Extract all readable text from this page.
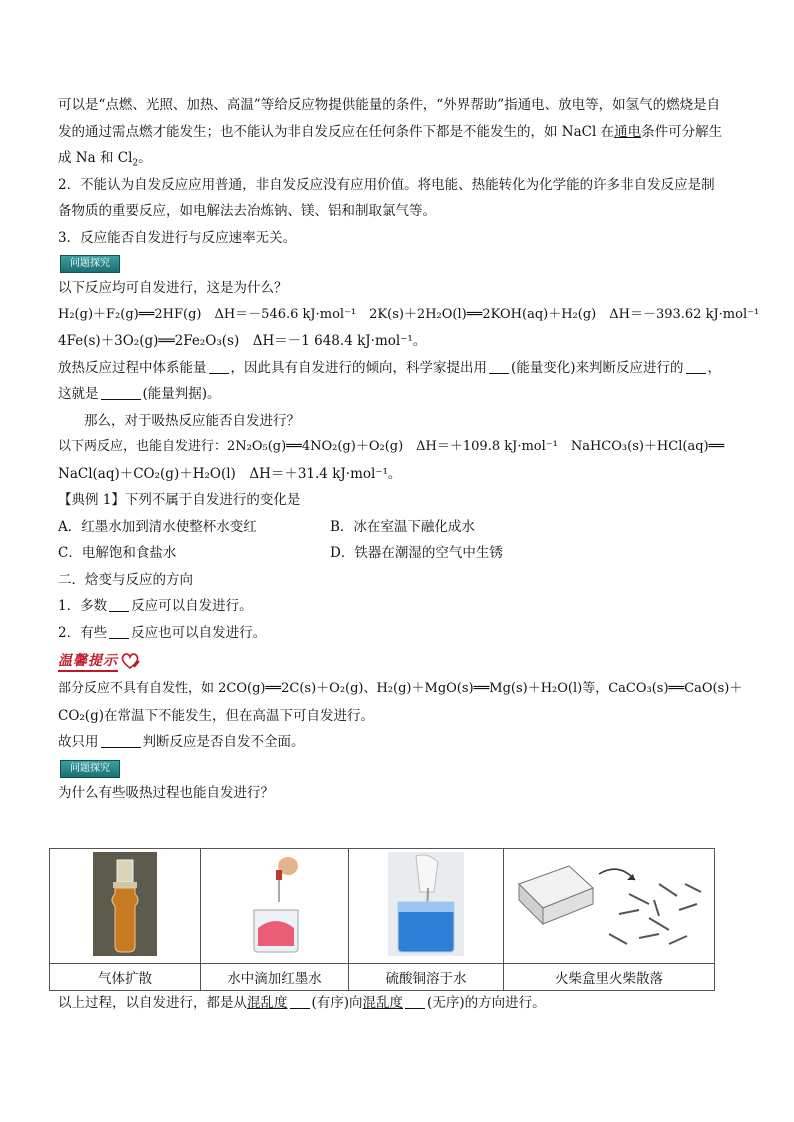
可以是“点燃、光照、加热、高温”等给反应物提供能量的条件，“外界帮助”指通电、放电等，如氢气的燃烧是自
发的通过需点燃才能发生；也不能认为非自发反应在任何条件下都是不能发生的，如 NaCl 在通电条件可分解生
成 Na 和 $Cl_2$。
2．不能认为自发反应应用普通，非自发反应没有应用价值。将电能、热能转化为化学能的许多非自发反应是制
备物质的重要反应，如电解法去冶炼钠、镁、铝和制取氯气等。
3．反应能否自发进行与反应速率无关。
问题探究
以下反应均可自发进行，这是为什么？
H₂(g)＋F₂(g)══2HF(g)　ΔH＝－546.6 kJ·mol⁻¹　2K(s)＋2H₂O(l)══2KOH(aq)＋H₂(g)　ΔH＝－393.62 kJ·mol⁻¹
4Fe(s)＋3O₂(g)══2Fe₂O₃(s)　ΔH＝－1 648.4 kJ·mol⁻¹。
放热反应过程中体系能量 ，因此具有自发进行的倾向，科学家提出用 (能量变化)来判断反应进行的 ，
这就是	(能量判据)。
那么，对于吸热反应能否自发进行？
以下两反应，也能自发进行：2N₂O₅(g)══4NO₂(g)＋O₂(g)　ΔH＝＋109.8 kJ·mol⁻¹　NaHCO₃(s)＋HCl(aq)══
NaCl(aq)＋CO₂(g)＋H₂O(l)　ΔH＝＋31.4 kJ·mol⁻¹。
【典例 1】下列不属于自发进行的变化是
A．红墨水加到清水使整杯水变红	B．冰在室温下融化成水
C．电解饱和食盐水	D．铁器在潮湿的空气中生锈
二．焓变与反应的方向
1．多数 反应可以自发进行。
2．有些 反应也可以自发进行。
温馨提示
部分反应不具有自发性，如 2CO(g)══2C(s)＋O₂(g)、H₂(g)＋MgO(s)══Mg(s)＋H₂O(l)等，CaCO₃(s)══CaO(s)＋
CO₂(g)在常温下不能发生，但在高温下可自发进行。
故只用	判断反应是否自发不全面。
问题探究
为什么有些吸热过程也能自发进行？

气体扩散	水中滴加红墨水	硫酸铜溶于水	火柴盒里火柴散落
以上过程，以自发进行，都是从混乱度 (有序)向混乱度 (无序)的方向进行。
